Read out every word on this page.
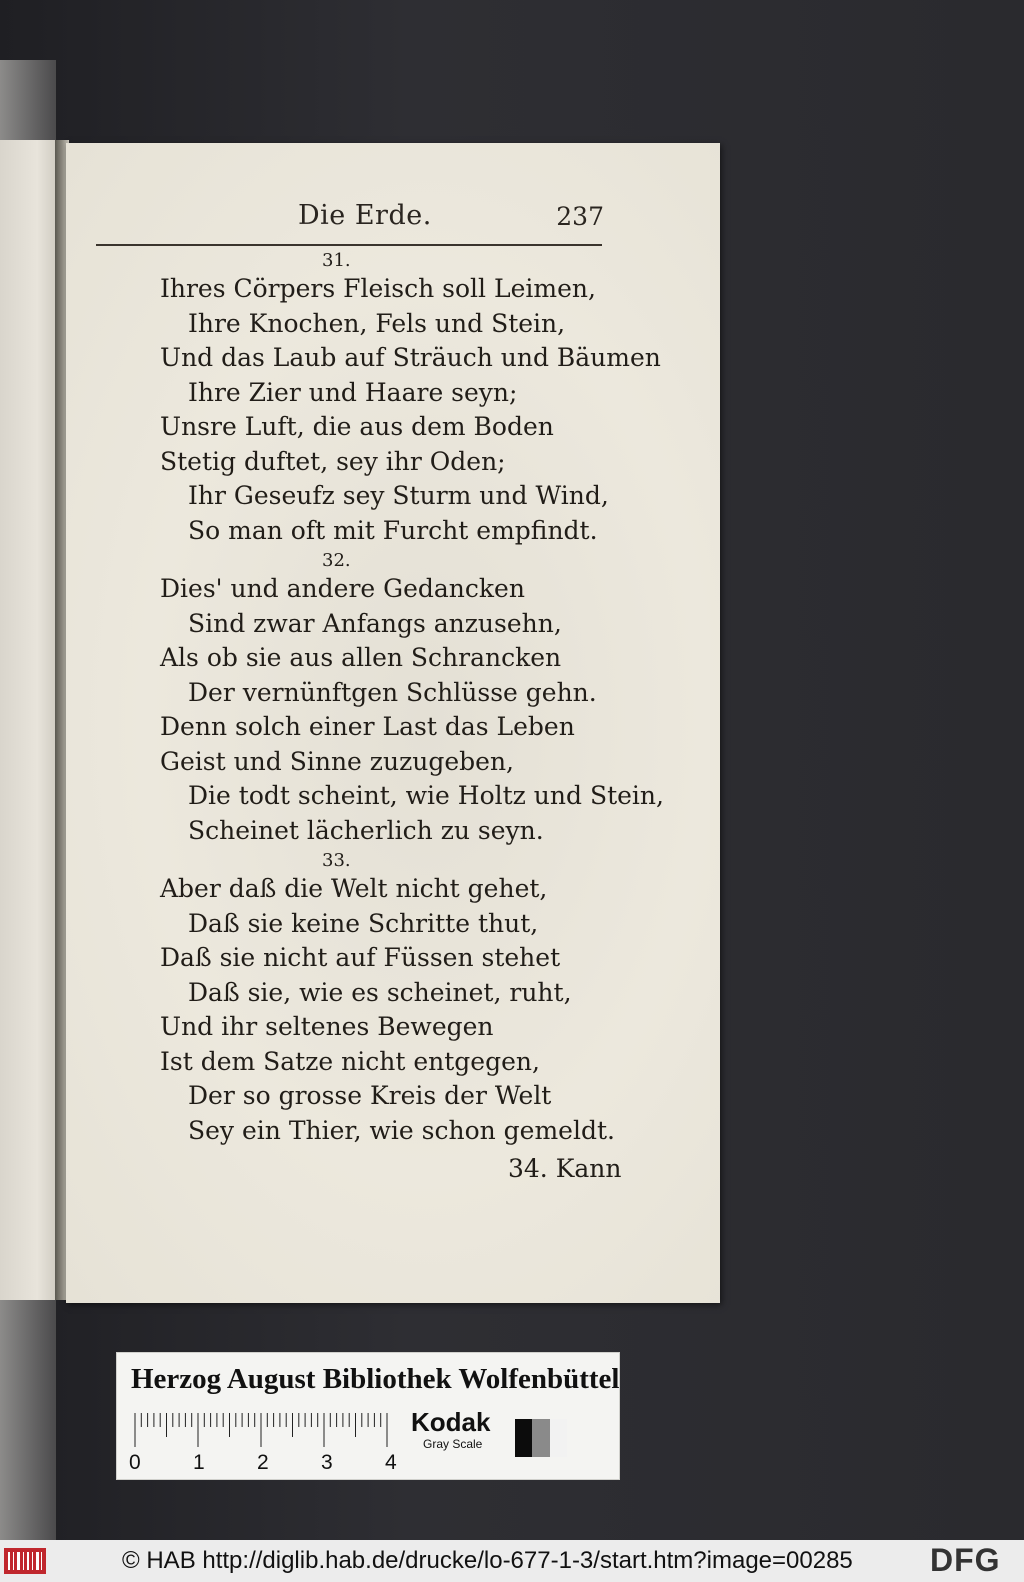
Die Erde.	237
31.
Ihres Cörpers Fleisch soll Leimen,
Ihre Knochen, Fels und Stein,
Und das Laub auf Sträuch und Bäumen
Ihre Zier und Haare seyn;
Unsre Luft, die aus dem Boden
Stetig duftet, sey ihr Oden;
Ihr Geseufz sey Sturm und Wind,
So man oft mit Furcht empfindt.
32.
Dies' und andere Gedancken
Sind zwar Anfangs anzusehn,
Als ob sie aus allen Schrancken
Der vernünftgen Schlüsse gehn.
Denn solch einer Last das Leben
Geist und Sinne zuzugeben,
Die todt scheint, wie Holtz und Stein,
Scheinet lächerlich zu seyn.
33.
Aber daß die Welt nicht gehet,
Daß sie keine Schritte thut,
Daß sie nicht auf Füssen stehet
Daß sie, wie es scheinet, ruht,
Und ihr seltenes Bewegen
Ist dem Satze nicht entgegen,
Der so grosse Kreis der Welt
Sey ein Thier, wie schon gemeldt.
34. Kann
Herzog August Bibliothek Wolfenbüttel
0 1 2 3 4
Kodak
Gray Scale
© HAB http://diglib.hab.de/drucke/lo-677-1-3/start.htm?image=00285 DFG
